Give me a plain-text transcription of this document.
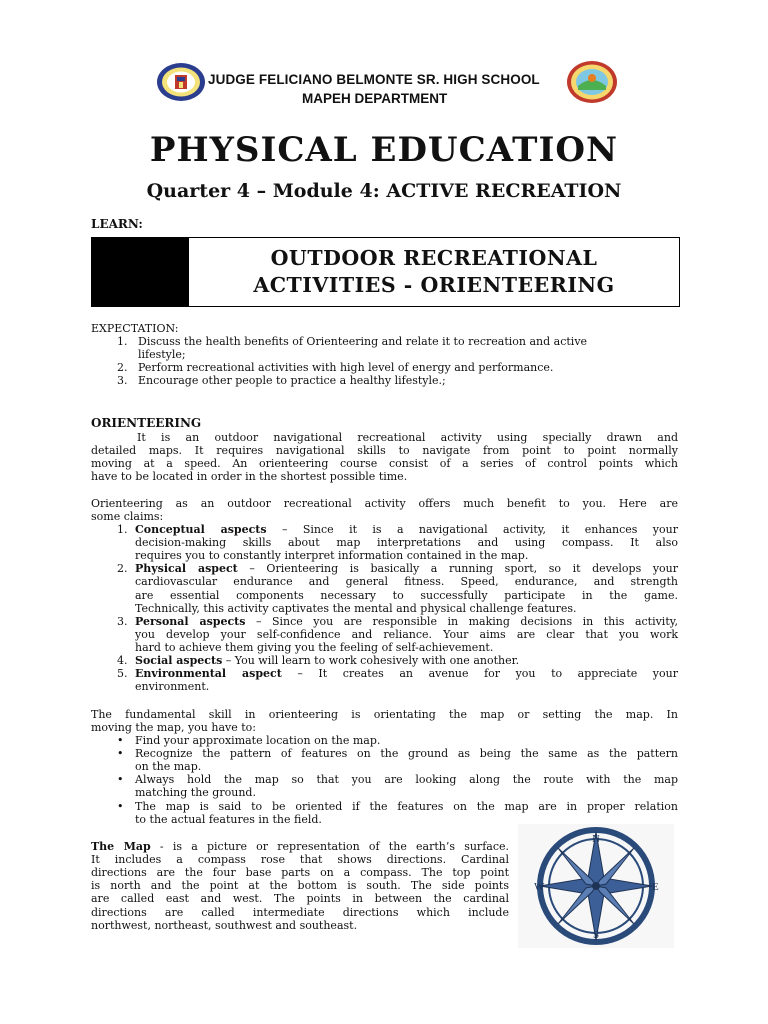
JUDGE FELICIANO BELMONTE SR. HIGH SCHOOL
MAPEH DEPARTMENT
PHYSICAL EDUCATION
Quarter 4 – Module 4: ACTIVE RECREATION
LEARN:
OUTDOOR RECREATIONAL
ACTIVITIES - ORIENTEERING
EXPECTATION:
1. Discuss the health benefits of Orienteering and relate it to recreation and active
lifestyle;
2. Perform recreational activities with high level of energy and performance.
3. Encourage other people to practice a healthy lifestyle.;
ORIENTEERING
It is an outdoor navigational recreational activity using specially drawn and
detailed maps. It requires navigational skills to navigate from point to point normally
moving at a speed. An orienteering course consist of a series of control points which
have to be located in order in the shortest possible time.
Orienteering as an outdoor recreational activity offers much benefit to you. Here are
some claims:
1. Conceptual aspects – Since it is a navigational activity, it enhances your
decision-making skills about map interpretations and using compass. It also
requires you to constantly interpret information contained in the map.
2. Physical aspect – Orienteering is basically a running sport, so it develops your
cardiovascular endurance and general fitness. Speed, endurance, and strength
are essential components necessary to successfully participate in the game.
Technically, this activity captivates the mental and physical challenge features.
3. Personal aspects – Since you are responsible in making decisions in this activity,
you develop your self-confidence and reliance. Your aims are clear that you work
hard to achieve them giving you the feeling of self-achievement.
4. Social aspects – You will learn to work cohesively with one another.
5. Environmental aspect – It creates an avenue for you to appreciate your
environment.
The fundamental skill in orienteering is orientating the map or setting the map. In
moving the map, you have to:
• Find your approximate location on the map.
• Recognize the pattern of features on the ground as being the same as the pattern
on the map.
• Always hold the map so that you are looking along the route with the map
matching the ground.
• The map is said to be oriented if the features on the map are in proper relation
to the actual features in the field.
The Map - is a picture or representation of the earth’s surface.
It includes a compass rose that shows directions. Cardinal
directions are the four base parts on a compass. The top point
is north and the point at the bottom is south. The side points
are called east and west. The points in between the cardinal
directions are called intermediate directions which include
northwest, northeast, southwest and southeast.
N
S
W	E
